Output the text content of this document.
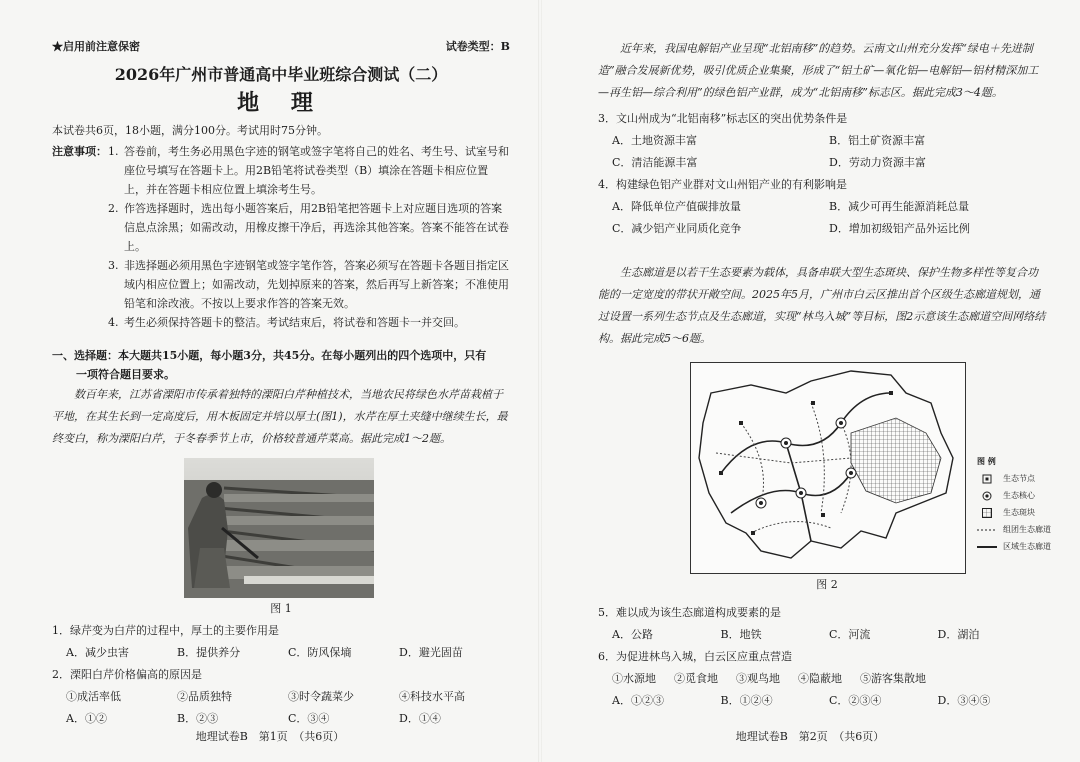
★启用前注意保密	试卷类型：B
2026年广州市普通高中毕业班综合测试（二）
地 理

本试卷共6页，18小题，满分100分。考试用时75分钟。

注意事项： 1. 答卷前，考生务必用黑色字迹的钢笔或签字笔将自己的姓名、考生号、试室号和座位号填写在答题卡上。用2B铅笔将试卷类型（B）填涂在答题卡相应位置上，并在答题卡相应位置上填涂考生号。
2. 作答选择题时，选出每小题答案后，用2B铅笔把答题卡上对应题目选项的答案信息点涂黑；如需改动，用橡皮擦干净后，再选涂其他答案。答案不能答在试卷上。
3. 非选择题必须用黑色字迹钢笔或签字笔作答，答案必须写在答题卡各题目指定区域内相应位置上；如需改动，先划掉原来的答案，然后再写上新答案；不准使用铅笔和涂改液。不按以上要求作答的答案无效。
4. 考生必须保持答题卡的整洁。考试结束后，将试卷和答题卡一并交回。
一、选择题：本大题共15小题，每小题3分，共45分。在每小题列出的四个选项中，只有
一项符合题目要求。

数百年来，江苏省溧阳市传承着独特的溧阳白芹种植技术，当地农民将绿色水芹苗栽植于平地，在其生长到一定高度后，用木板固定并培以厚土(图1)，水芹在厚土夹缝中继续生长，最终变白，称为溧阳白芹，于冬春季节上市，价格较普通芹菜高。据此完成1～2题。

图 1
1．绿芹变为白芹的过程中，厚土的主要作用是
A．减少虫害	B．提供养分	C．防风保墒	D．避光固苗
2．溧阳白芹价格偏高的原因是
①成活率低	②品质独特	③时令蔬菜少	④科技水平高
A．①②	B．②③	C．③④	D．①④
地理试卷B　第1页　（共6页）

近年来，我国电解铝产业呈现“北铝南移”的趋势。云南文山州充分发挥“绿电＋先进制造”融合发展新优势，吸引优质企业集聚，形成了“铝土矿—氧化铝—电解铝—铝材精深加工—再生铝—综合利用”的绿色铝产业群，成为“北铝南移”标志区。据此完成3～4题。

3．文山州成为“北铝南移”标志区的突出优势条件是
A．土地资源丰富	B．铝土矿资源丰富
C．清洁能源丰富	D．劳动力资源丰富
4．构建绿色铝产业群对文山州铝产业的有利影响是
A．降低单位产值碳排放量	B．减少可再生能源消耗总量
C．减少铝产业同质化竞争	D．增加初级铝产品外运比例

生态廊道是以若干生态要素为载体，具备串联大型生态斑块、保护生物多样性等复合功能的一定宽度的带状开敞空间。2025年5月，广州市白云区推出首个区级生态廊道规划，通过设置一系列生态节点及生态廊道，实现“林鸟入城”等目标，图2示意该生态廊道空间网络结构。据此完成5～6题。

图 例
生态节点
生态核心
生态斑块
组团生态廊道
区域生态廊道
图 2
5．难以成为该生态廊道构成要素的是
A．公路	B．地铁	C．河流	D．湖泊
6．为促进林鸟入城，白云区应重点营造
①水源地 ②觅食地 ③观鸟地 ④隐蔽地 ⑤游客集散地
A．①②③	B．①②④	C．②③④	D．③④⑤
地理试卷B　第2页　（共6页）
